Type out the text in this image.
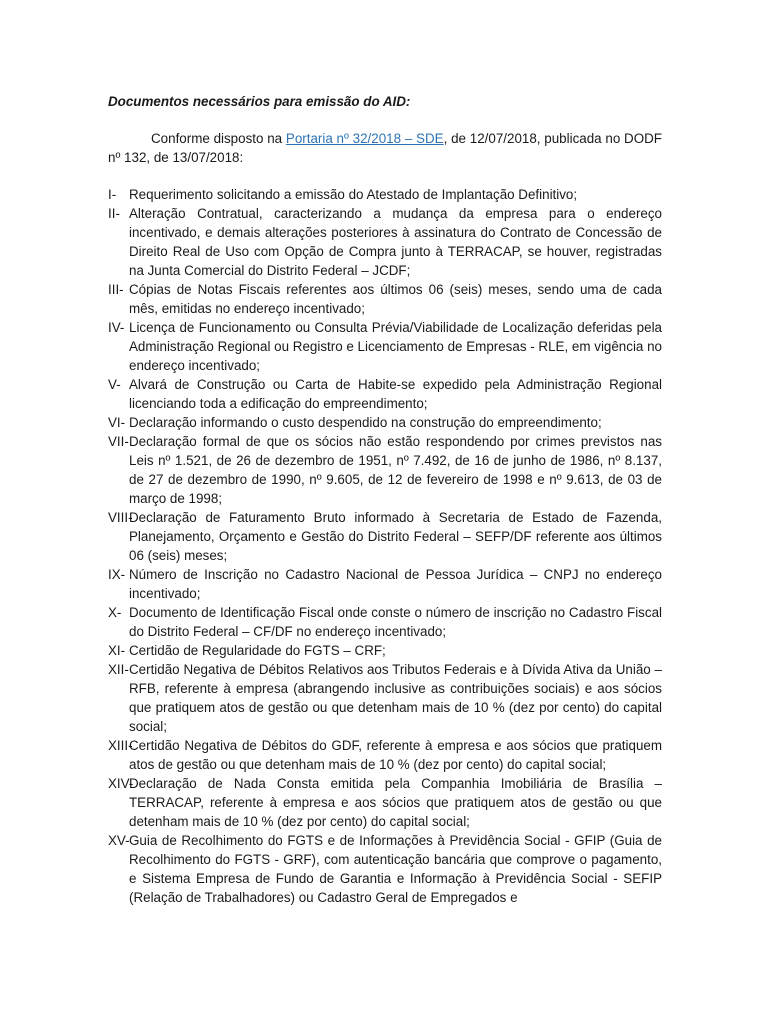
Documentos necessários para emissão do AID:
Conforme disposto na Portaria nº 32/2018 – SDE, de 12/07/2018, publicada no DODF nº 132, de 13/07/2018:
I- Requerimento solicitando a emissão do Atestado de Implantação Definitivo;
II- Alteração Contratual, caracterizando a mudança da empresa para o endereço incentivado, e demais alterações posteriores à assinatura do Contrato de Concessão de Direito Real de Uso com Opção de Compra junto à TERRACAP, se houver, registradas na Junta Comercial do Distrito Federal – JCDF;
III- Cópias de Notas Fiscais referentes aos últimos 06 (seis) meses, sendo uma de cada mês, emitidas no endereço incentivado;
IV- Licença de Funcionamento ou Consulta Prévia/Viabilidade de Localização deferidas pela Administração Regional ou Registro e Licenciamento de Empresas - RLE, em vigência no endereço incentivado;
V- Alvará de Construção ou Carta de Habite-se expedido pela Administração Regional licenciando toda a edificação do empreendimento;
VI- Declaração informando o custo despendido na construção do empreendimento;
VII- Declaração formal de que os sócios não estão respondendo por crimes previstos nas Leis nº 1.521, de 26 de dezembro de 1951, nº 7.492, de 16 de junho de 1986, nº 8.137, de 27 de dezembro de 1990, nº 9.605, de 12 de fevereiro de 1998 e nº 9.613, de 03 de março de 1998;
VIII-
Declaração de Faturamento Bruto informado à Secretaria de Estado de Fazenda, Planejamento, Orçamento e Gestão do Distrito Federal – SEFP/DF referente aos últimos 06 (seis) meses;
IX- Número de Inscrição no Cadastro Nacional de Pessoa Jurídica – CNPJ no endereço incentivado;
X- Documento de Identificação Fiscal onde conste o número de inscrição no Cadastro Fiscal do Distrito Federal – CF/DF no endereço incentivado;
XI- Certidão de Regularidade do FGTS – CRF;
XII- Certidão Negativa de Débitos Relativos aos Tributos Federais e à Dívida Ativa da União – RFB, referente à empresa (abrangendo inclusive as contribuições sociais) e aos sócios que pratiquem atos de gestão ou que detenham mais de 10 % (dez por cento) do capital social;
XIII-
Certidão Negativa de Débitos do GDF, referente à empresa e aos sócios que pratiquem atos de gestão ou que detenham mais de 10 % (dez por cento) do capital social;
XIV-
Declaração de Nada Consta emitida pela Companhia Imobiliária de Brasília – TERRACAP, referente à empresa e aos sócios que pratiquem atos de gestão ou que detenham mais de 10 % (dez por cento) do capital social;
XV- Guia de Recolhimento do FGTS e de Informações à Previdência Social - GFIP (Guia de Recolhimento do FGTS - GRF), com autenticação bancária que comprove o pagamento, e Sistema Empresa de Fundo de Garantia e Informação à Previdência Social - SEFIP (Relação de Trabalhadores) ou Cadastro Geral de Empregados e
